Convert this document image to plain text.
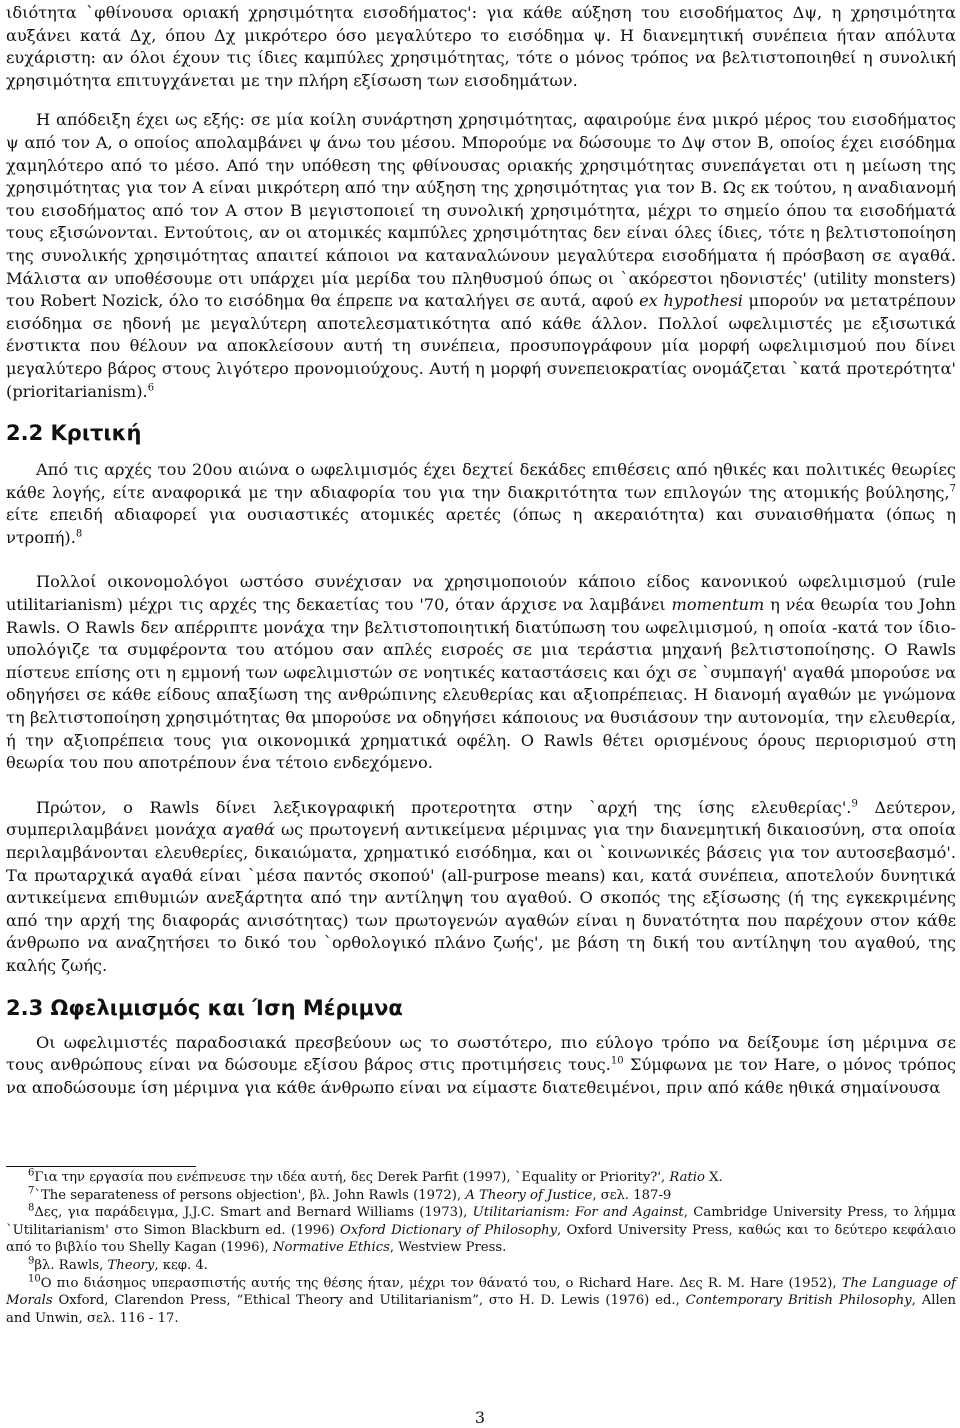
ιδιότητα `φθίνουσα οριακή χρησιμότητα εισοδήματος': για κάθε αύξηση του εισοδήματος Δψ, η χρησιμότητα αυξάνει κατά Δχ, όπου Δχ μικρότερο όσο μεγαλύτερο το εισόδημα ψ. Η διανεμητική συνέπεια ήταν απόλυτα ευχάριστη: αν όλοι έχουν τις ίδιες καμπύλες χρησιμότητας, τότε ο μόνος τρόπος να βελτιστοποιηθεί η συνολική χρησιμότητα επιτυγχάνεται με την πλήρη εξίσωση των εισοδημάτων.

Η απόδειξη έχει ως εξής: σε μία κοίλη συνάρτηση χρησιμότητας, αφαιρούμε ένα μικρό μέρος του εισοδήματος ψ από τον Α, ο οποίος απολαμβάνει ψ άνω του μέσου. Μπορούμε να δώσουμε το Δψ στον Β, οποίος έχει εισόδημα χαμηλότερο από το μέσο. Από την υπόθεση της φθίνουσας οριακής χρησιμότητας συνεπάγεται οτι η μείωση της χρησιμότητας για τον Α είναι μικρότερη από την αύξηση της χρησιμότητας για τον Β. Ως εκ τούτου, η αναδιανομή του εισοδήματος από τον Α στον Β μεγιστοποιεί τη συνολική χρησιμότητα, μέχρι το σημείο όπου τα εισοδήματά τους εξισώνονται. Εντούτοις, αν οι ατομικές καμπύλες χρησιμότητας δεν είναι όλες ίδιες, τότε η βελτιστοποίηση της συνολικής χρησιμότητας απαιτεί κάποιοι να καταναλώνουν μεγαλύτερα εισοδήματα ή πρόσβαση σε αγαθά. Μάλιστα αν υποθέσουμε οτι υπάρχει μία μερίδα του πληθυσμού όπως οι `ακόρεστοι ηδονιστές' (utility monsters) του Robert Nozick, όλο το εισόδημα θα έπρεπε να καταλήγει σε αυτά, αφού ex hypothesi μπορούν να μετατρέπουν εισόδημα σε ηδονή με μεγαλύτερη αποτελεσματικότητα από κάθε άλλον. Πολλοί ωφελιμιστές με εξισωτικά ένστικτα που θέλουν να αποκλείσουν αυτή τη συνέπεια, προσυπογράφουν μία μορφή ωφελιμισμού που δίνει μεγαλύτερο βάρος στους λιγότερο προνομιούχους. Αυτή η μορφή συνεπειοκρατίας ονομάζεται `κατά προτερότητα' (prioritarianism).$^6$

2.2 Κριτική

Από τις αρχές του 20ου αιώνα ο ωφελιμισμός έχει δεχτεί δεκάδες επιθέσεις από ηθικές και πολιτικές θεωρίες κάθε λογής, είτε αναφορικά με την αδιαφορία του για την διακριτότητα των επιλογών της ατομικής βούλησης,$^7$ είτε επειδή αδιαφορεί για ουσιαστικές ατομικές αρετές (όπως η ακεραιότητα) και συναισθήματα (όπως η ντροπή).$^8$

Πολλοί οικονομολόγοι ωστόσο συνέχισαν να χρησιμοποιούν κάποιο είδος κανονικού ωφελιμισμού (rule utilitarianism) μέχρι τις αρχές της δεκαετίας του '70, όταν άρχισε να λαμβάνει momentum η νέα θεωρία του John Rawls. Ο Rawls δεν απέρριπτε μονάχα την βελτιστοποιητική διατύπωση του ωφελιμισμού, η οποία -κατά τον ίδιο- υπολόγιζε τα συμφέροντα του ατόμου σαν απλές εισροές σε μια τεράστια μηχανή βελτιστοποίησης. Ο Rawls πίστευε επίσης οτι η εμμονή των ωφελιμιστών σε νοητικές καταστάσεις και όχι σε `συμπαγή' αγαθά μπορούσε να οδηγήσει σε κάθε είδους απαξίωση της ανθρώπινης ελευθερίας και αξιοπρέπειας. Η διανομή αγαθών με γνώμονα τη βελτιστοποίηση χρησιμότητας θα μπορούσε να οδηγήσει κάποιους να θυσιάσουν την αυτονομία, την ελευθερία, ή την αξιοπρέπεια τους για οικονομικά χρηματικά οφέλη. Ο Rawls θέτει ορισμένους όρους περιορισμού στη θεωρία του που αποτρέπουν ένα τέτοιο ενδεχόμενο.

Πρώτον, ο Rawls δίνει λεξικογραφική προτεροτητα στην `αρχή της ίσης ελευθερίας'.$^9$ Δεύτερον, συμπεριλαμβάνει μονάχα αγαθά ως πρωτογενή αντικείμενα μέριμνας για την διανεμητική δικαιοσύνη, στα οποία περιλαμβάνονται ελευθερίες, δικαιώματα, χρηματικό εισόδημα, και οι `κοινωνικές βάσεις για τον αυτοσεβασμό'. Τα πρωταρχικά αγαθά είναι `μέσα παντός σκοπού' (all-purpose means) και, κατά συνέπεια, αποτελούν δυνητικά αντικείμενα επιθυμιών ανεξάρτητα από την αντίληψη του αγαθού. Ο σκοπός της εξίσωσης (ή της εγκεκριμένης από την αρχή της διαφοράς ανισότητας) των πρωτογενών αγαθών είναι η δυνατότητα που παρέχουν στον κάθε άνθρωπο να αναζητήσει το δικό του `ορθολογικό πλάνο ζωής', με βάση τη δική του αντίληψη του αγαθού, της καλής ζωής.

2.3 Ωφελιμισμός και Ίση Μέριμνα

Οι ωφελιμιστές παραδοσιακά πρεσβεύουν ως το σωστότερο, πιο εύλογο τρόπο να δείξουμε ίση μέριμνα σε τους ανθρώπους είναι να δώσουμε εξίσου βάρος στις προτιμήσεις τους.$^{10}$ Σύμφωνα με τον Hare, ο μόνος τρόπος να αποδώσουμε ίση μέριμνα για κάθε άνθρωπο είναι να είμαστε διατεθειμένοι, πριν από κάθε ηθικά σημαίνουσα

$^6$Για την εργασία που ενέπνευσε την ιδέα αυτή, δες Derek Parfit (1997), `Equality or Priority?', Ratio X.

$^7$`The separateness of persons objection', βλ. John Rawls (1972), A Theory of Justice, σελ. 187-9

$^8$Δες, για παράδειγμα, J.J.C. Smart and Bernard Williams (1973), Utilitarianism: For and Against, Cambridge University Press, το λήμμα `Utilitarianism' στο Simon Blackburn ed. (1996) Oxford Dictionary of Philosophy, Oxford University Press, καθώς και το δεύτερο κεφάλαιο από το βιβλίο του Shelly Kagan (1996), Normative Ethics, Westview Press.

$^9$βλ. Rawls, Theory, κεφ. 4.

$^{10}$Ο πιο διάσημος υπερασπιστής αυτής της θέσης ήταν, μέχρι τον θάνατό του, ο Richard Hare. Δες R. M. Hare (1952), The Language of Morals Oxford, Clarendon Press, “Ethical Theory and Utilitarianism”, στο H. D. Lewis (1976) ed., Contemporary British Philosophy, Allen and Unwin, σελ. 116 - 17.

3
